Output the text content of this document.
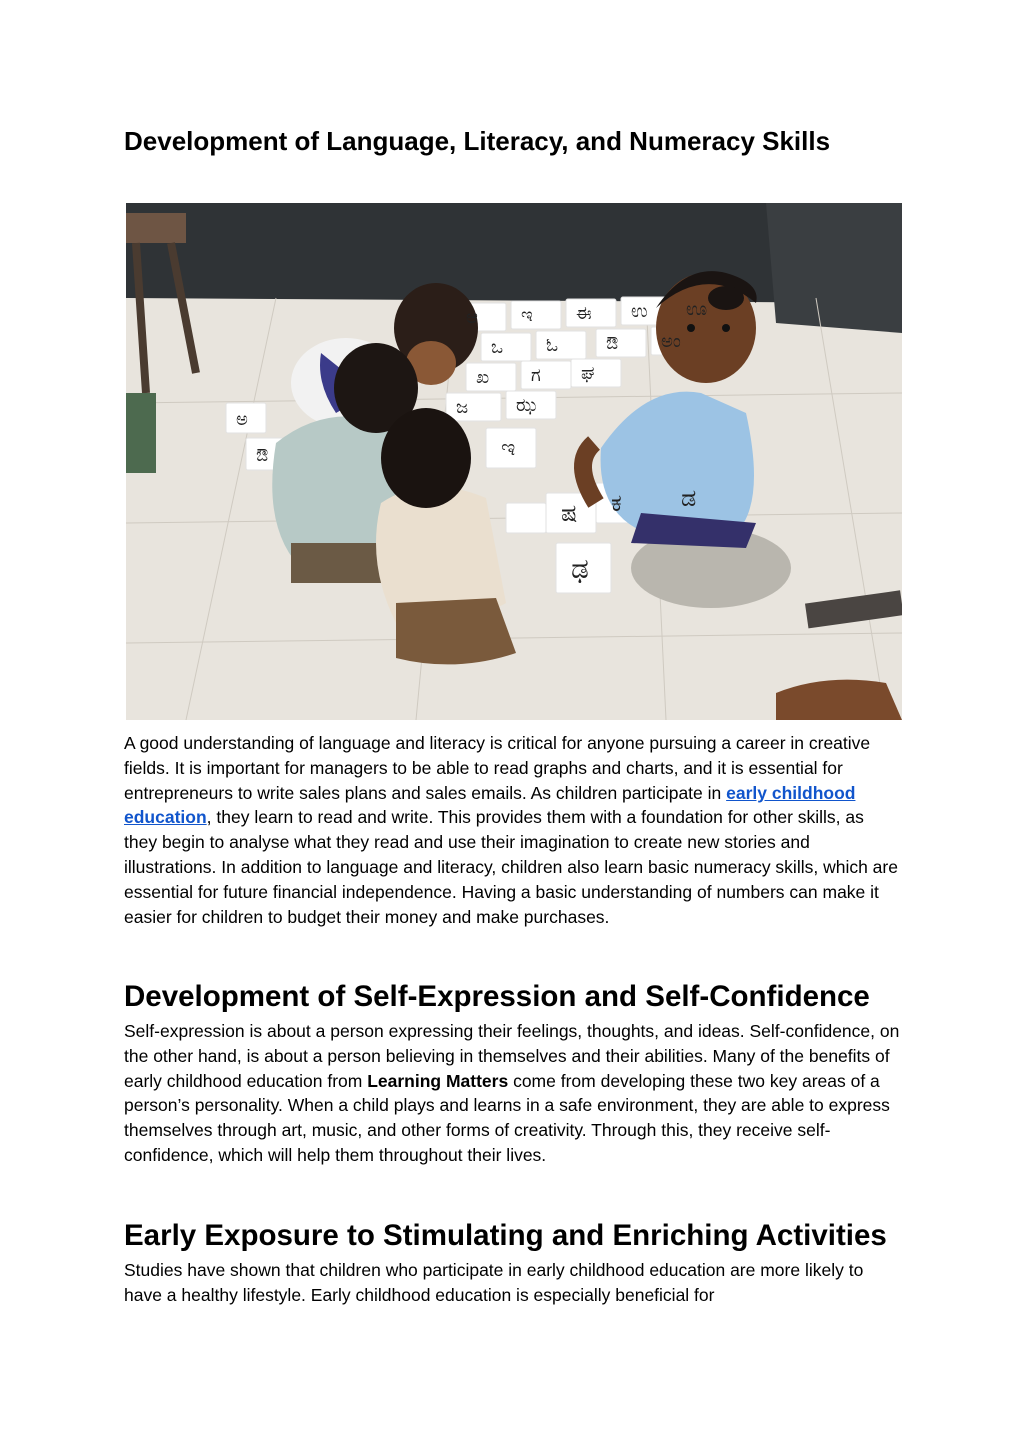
Development of Language, Literacy, and Numeracy Skills
ಆ ಇ ಈ ಉ ಊ
ಒ ಓ	ಔ ಅಂ
ಖ ಗ ಘ
ಜ	ಝ
ಅ
ಔ	ಇ
ಷ ಕ ಡ
ಢ

A good understanding of language and literacy is critical for anyone pursuing a career in creative fields. It is important for managers to be able to read graphs and charts, and it is essential for entrepreneurs to write sales plans and sales emails. As children participate in early childhood education, they learn to read and write. This provides them with a foundation for other skills, as they begin to analyse what they read and use their imagination to create new stories and illustrations. In addition to language and literacy, children also learn basic numeracy skills, which are essential for future financial independence. Having a basic understanding of numbers can make it easier for children to budget their money and make purchases.

Development of Self-Expression and Self-Confidence

Self-expression is about a person expressing their feelings, thoughts, and ideas. Self-confidence, on the other hand, is about a person believing in themselves and their abilities. Many of the benefits of early childhood education from Learning Matters come from developing these two key areas of a person’s personality. When a child plays and learns in a safe environment, they are able to express themselves through art, music, and other forms of creativity. Through this, they receive self-confidence, which will help them throughout their lives.

Early Exposure to Stimulating and Enriching Activities

Studies have shown that children who participate in early childhood education are more likely to have a healthy lifestyle. Early childhood education is especially beneficial for
